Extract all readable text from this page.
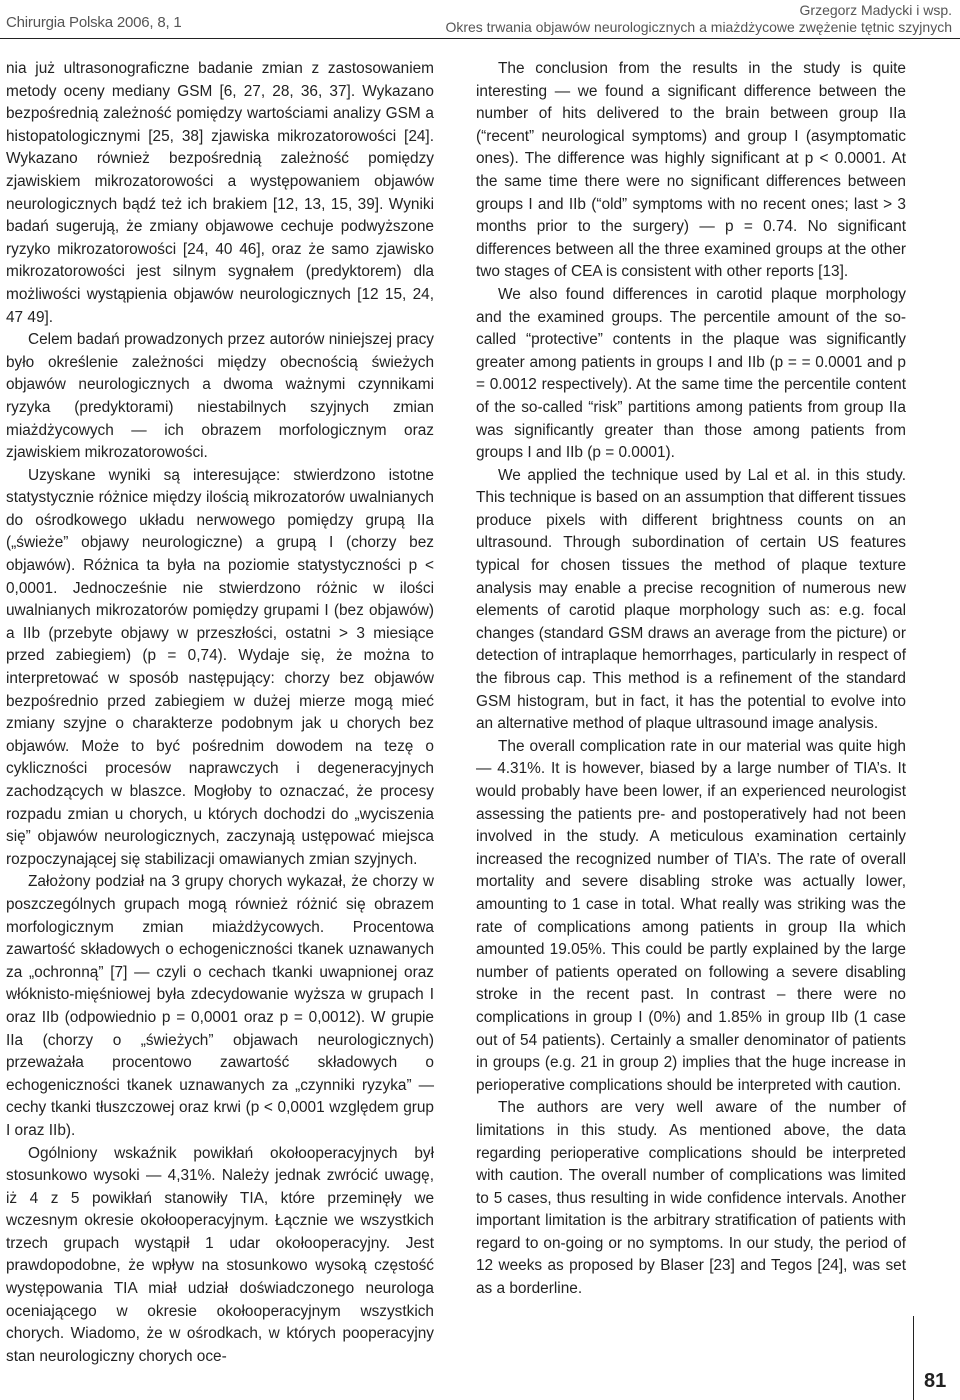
Chirurgia Polska 2006, 8, 1
Grzegorz Madycki i wsp.
Okres trwania objawów neurologicznych a miażdżycowe zwężenie tętnic szyjnych

nia już ultrasonograficzne badanie zmian z zastosowaniem metody oceny mediany GSM [6, 27, 28, 36, 37]. Wykazano bezpośrednią zależność pomiędzy wartościami analizy GSM a histopatologicznymi [25, 38] zjawiska mikrozatorowości [24]. Wykazano również bezpośrednią zależność pomiędzy zjawiskiem mikrozatorowości a występowaniem objawów neurologicznych bądź też ich brakiem [12, 13, 15, 39]. Wyniki badań sugerują, że zmiany objawowe cechuje podwyższone ryzyko mikrozatorowości [24, 40 46], oraz że samo zjawisko mikrozatorowości jest silnym sygnałem (predyktorem) dla możliwości wystąpienia objawów neurologicznych [12 15, 24, 47 49].

Celem badań prowadzonych przez autorów niniejszej pracy było określenie zależności między obecnością świeżych objawów neurologicznych a dwoma ważnymi czynnikami ryzyka (predyktorami) niestabilnych szyjnych zmian miażdżycowych — ich obrazem morfologicznym oraz zjawiskiem mikrozatorowości.

Uzyskane wyniki są interesujące: stwierdzono istotne statystycznie różnice między ilością mikrozatorów uwalnianych do ośrodkowego układu nerwowego pomiędzy grupą IIa („świeże” objawy neurologiczne) a grupą I (chorzy bez objawów). Różnica ta była na poziomie statystyczności p < 0,0001. Jednocześnie nie stwierdzono różnic w ilości uwalnianych mikrozatorów pomiędzy grupami I (bez objawów) a IIb (przebyte objawy w przeszłości, ostatni > 3 miesiące przed zabiegiem) (p = 0,74). Wydaje się, że można to interpretować w sposób następujący: chorzy bez objawów bezpośrednio przed zabiegiem w dużej mierze mogą mieć zmiany szyjne o charakterze podobnym jak u chorych bez objawów. Może to być pośrednim dowodem na tezę o cykliczności procesów naprawczych i degeneracyjnych zachodzących w blaszce. Mogłoby to oznaczać, że procesy rozpadu zmian u chorych, u których dochodzi do „wyciszenia się” objawów neurologicznych, zaczynają ustępować miejsca rozpoczynającej się stabilizacji omawianych zmian szyjnych.

Założony podział na 3 grupy chorych wykazał, że chorzy w poszczególnych grupach mogą również różnić się obrazem morfologicznym zmian miażdżycowych. Procentowa zawartość składowych o echogeniczności tkanek uznawanych za „ochronną” [7] — czyli o cechach tkanki uwapnionej oraz włóknisto-mięśniowej była zdecydowanie wyższa w grupach I oraz IIb (odpowiednio p = 0,0001 oraz p = 0,0012). W grupie IIa (chorzy o „świeżych” objawach neurologicznych) przeważała procentowo zawartość składowych o echogeniczności tkanek uznawanych za „czynniki ryzyka” — cechy tkanki tłuszczowej oraz krwi (p < 0,0001 względem grup I oraz IIb).

Ogólniony wskaźnik powikłań okołooperacyjnych był stosunkowo wysoki — 4,31%. Należy jednak zwrócić uwagę, iż 4 z 5 powikłań stanowiły TIA, które przeminęły we wczesnym okresie okołooperacyjnym. Łącznie we wszystkich trzech grupach wystąpił 1 udar okołooperacyjny. Jest prawdopodobne, że wpływ na stosunkowo wysoką częstość występowania TIA miał udział doświadczonego neurologa oceniającego w okresie okołooperacyjnym wszystkich chorych. Wiadomo, że w ośrodkach, w których pooperacyjny stan neurologiczny chorych oce-

The conclusion from the results in the study is quite interesting — we found a significant difference between the number of hits delivered to the brain between group IIa (“recent” neurological symptoms) and group I (asymptomatic ones). The difference was highly significant at p < 0.0001. At the same time there were no significant differences between groups I and IIb (“old” symptoms with no recent ones; last > 3 months prior to the surgery) — p = 0.74. No significant differences between all the three examined groups at the other two stages of CEA is consistent with other reports [13].

We also found differences in carotid plaque morphology and the examined groups. The percentile amount of the so-called “protective” contents in the plaque was significantly greater among patients in groups I and IIb (p = = 0.0001 and p = 0.0012 respectively). At the same time the percentile content of the so-called “risk” partitions among patients from group IIa was significantly greater than those among patients from groups I and IIb (p = 0.0001).

We applied the technique used by Lal et al. in this study. This technique is based on an assumption that different tissues produce pixels with different brightness counts on an ultrasound. Through subordination of certain US features typical for chosen tissues the method of plaque texture analysis may enable a precise recognition of numerous new elements of carotid plaque morphology such as: e.g. focal changes (standard GSM draws an average from the picture) or detection of intraplaque hemorrhages, particularly in respect of the fibrous cap. This method is a refinement of the standard GSM histogram, but in fact, it has the potential to evolve into an alternative method of plaque ultrasound image analysis.

The overall complication rate in our material was quite high — 4.31%. It is however, biased by a large number of TIA’s. It would probably have been lower, if an experienced neurologist assessing the patients pre- and postoperatively had not been involved in the study. A meticulous examination certainly increased the recognized number of TIA’s. The rate of overall mortality and severe disabling stroke was actually lower, amounting to 1 case in total. What really was striking was the rate of complications among patients in group IIa which amounted 19.05%. This could be partly explained by the large number of patients operated on following a severe disabling stroke in the recent past. In contrast – there were no complications in group I (0%) and 1.85% in group IIb (1 case out of 54 patients). Certainly a smaller denominator of patients in groups (e.g. 21 in group 2) implies that the huge increase in perioperative complications should be interpreted with caution.

The authors are very well aware of the number of limitations in this study. As mentioned above, the data regarding perioperative complications should be interpreted with caution. The overall number of complications was limited to 5 cases, thus resulting in wide confidence intervals. Another important limitation is the arbitrary stratification of patients with regard to on-going or no symptoms. In our study, the period of 12 weeks as proposed by Blaser [23] and Tegos [24], was set as a borderline.

81
